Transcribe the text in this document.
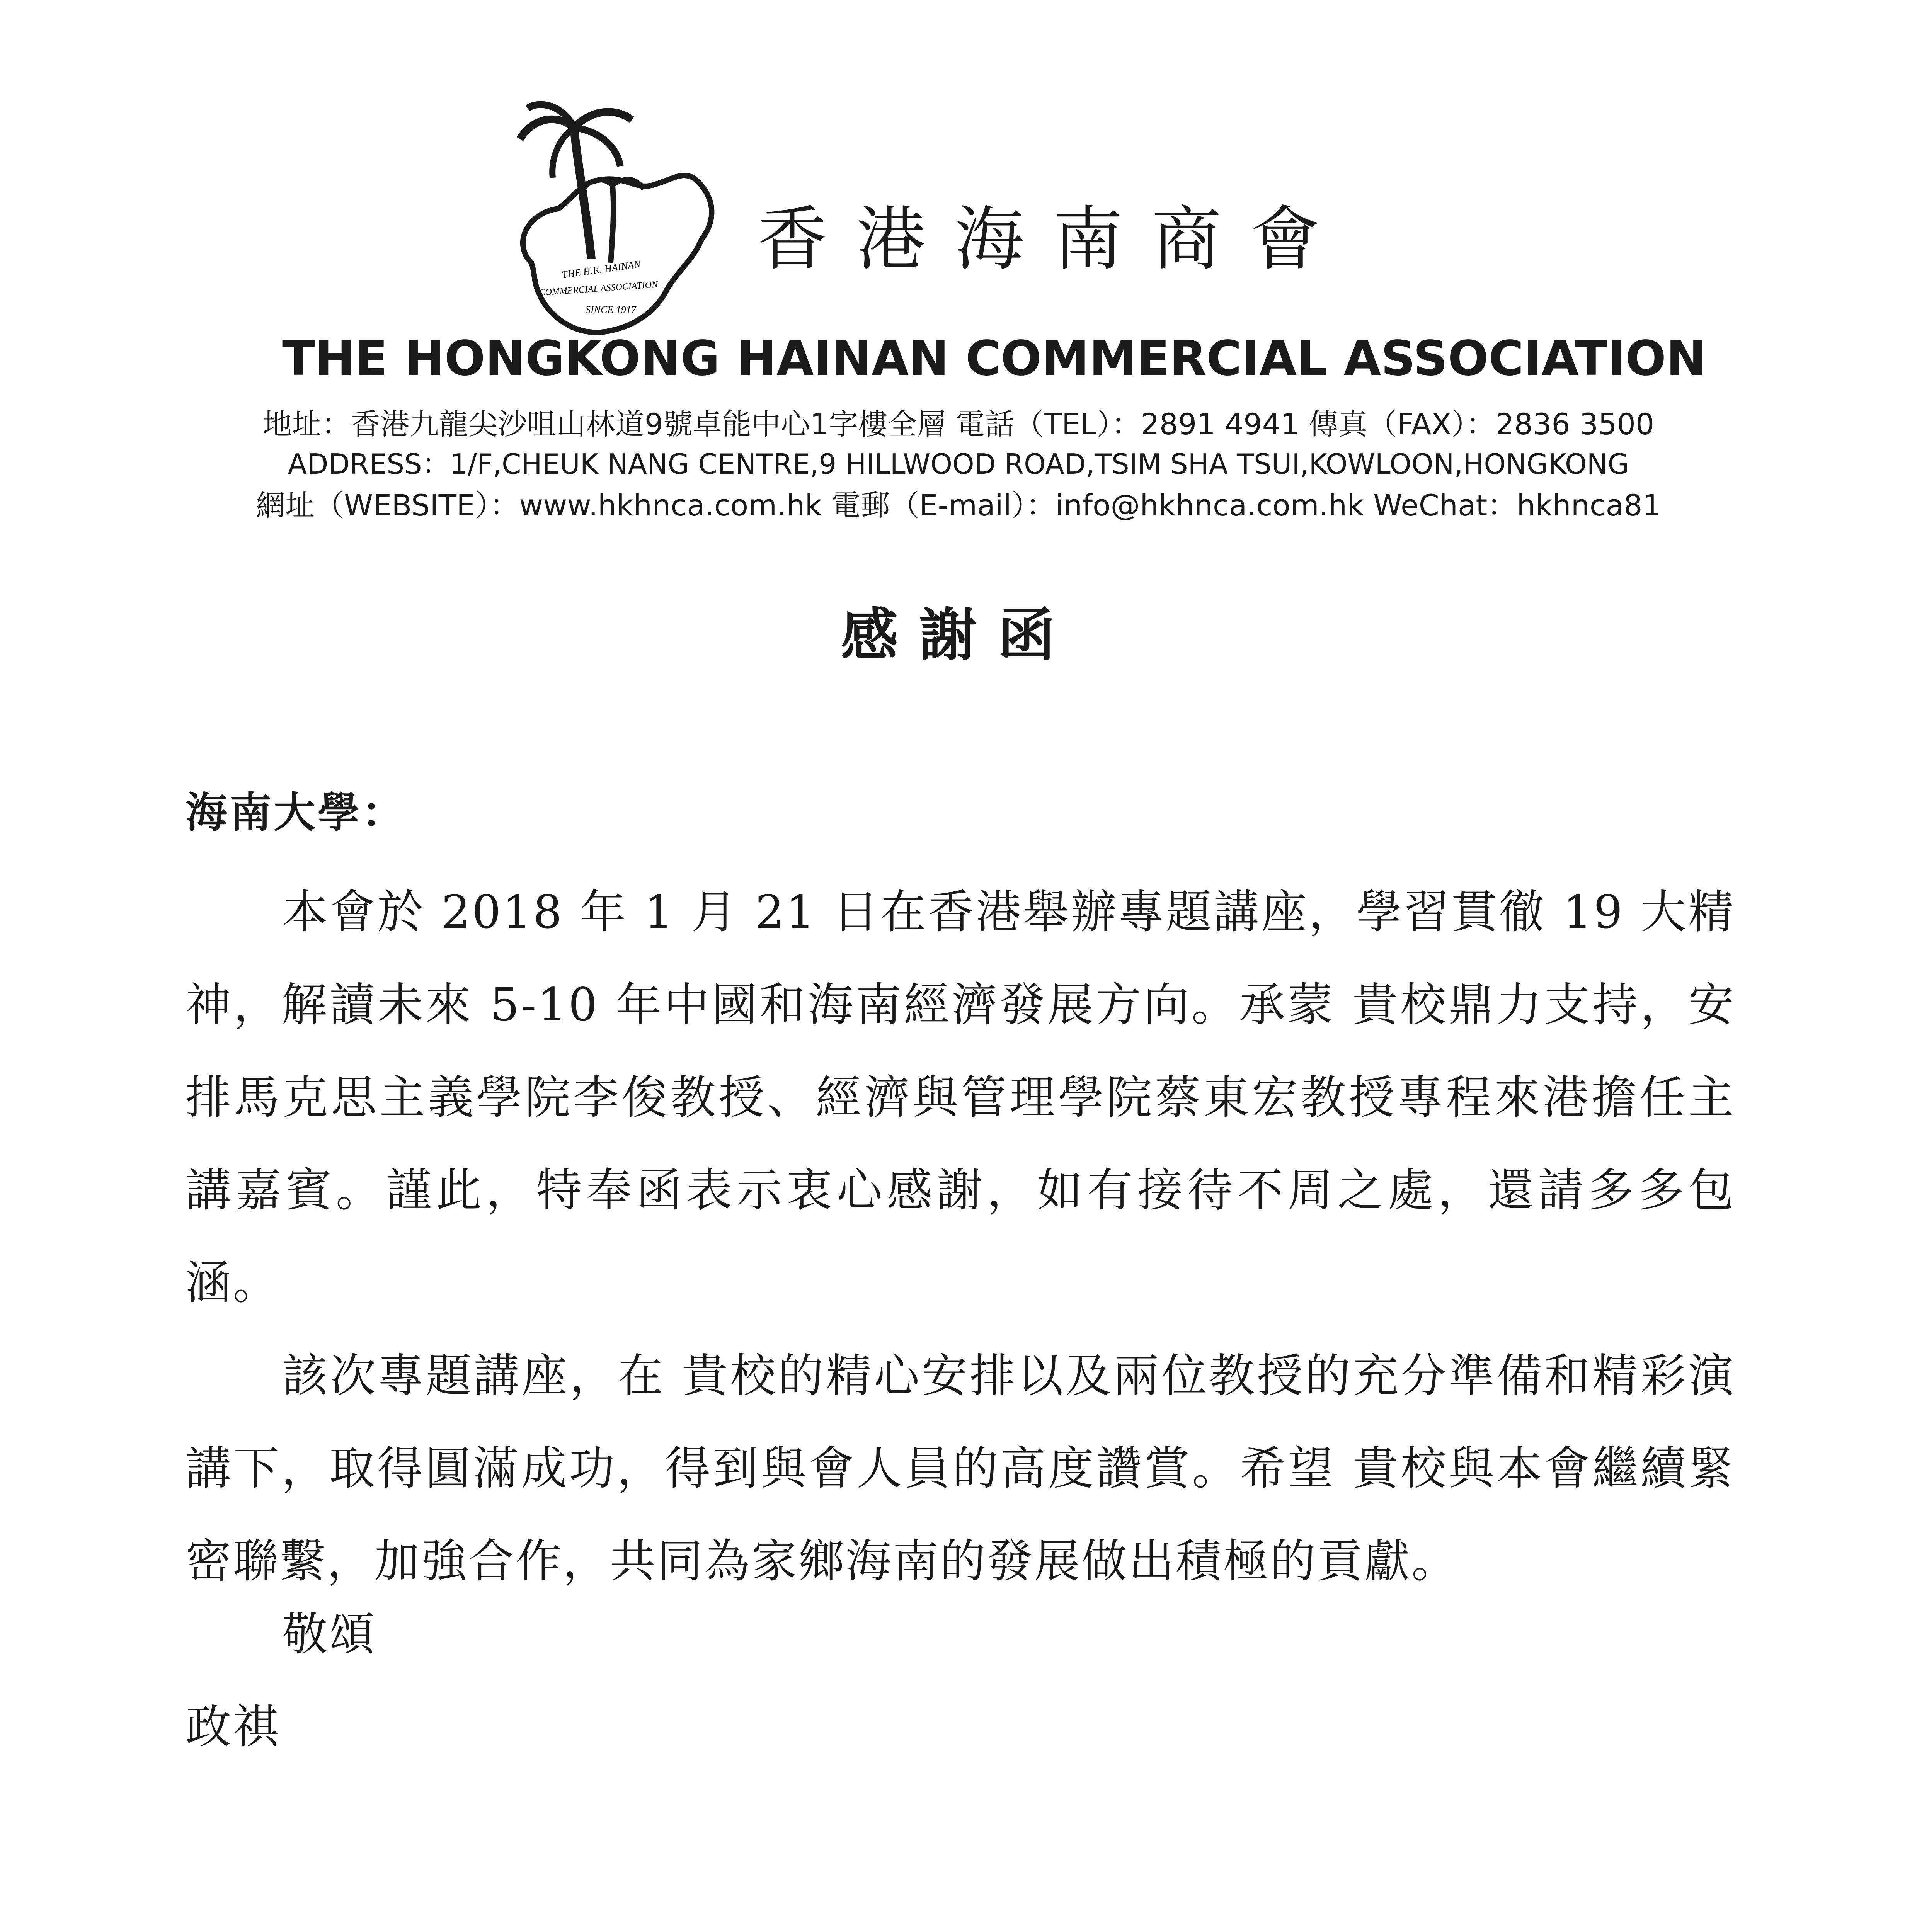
THE H.K. HAINAN
COMMERCIAL ASSOCIATION
SINCE 1917
香港海南商會
THE HONGKONG HAINAN COMMERCIAL ASSOCIATION
地址：香港九龍尖沙咀山林道9號卓能中心1字樓全層 電話（TEL）：2891 4941 傳真（FAX）：2836 3500
ADDRESS：1/F,CHEUK NANG CENTRE,9 HILLWOOD ROAD,TSIM SHA TSUI,KOWLOON,HONGKONG
網址（WEBSITE）：www.hkhnca.com.hk 電郵（E-mail）：info@hkhnca.com.hk WeChat：hkhnca81
感謝函
海南大學：
本會於 2018 年 1 月 21 日在香港舉辦專題講座，學習貫徹 19 大精神，解讀未來 5-10 年中國和海南經濟發展方向。承蒙 貴校鼎力支持，安排馬克思主義學院李俊教授、經濟與管理學院蔡東宏教授專程來港擔任主講嘉賓。謹此，特奉函表示衷心感謝，如有接待不周之處，還請多多包涵。
該次專題講座，在 貴校的精心安排以及兩位教授的充分準備和精彩演講下，取得圓滿成功，得到與會人員的高度讚賞。希望 貴校與本會繼續緊密聯繫，加強合作，共同為家鄉海南的發展做出積極的貢獻。
敬頌
政祺
